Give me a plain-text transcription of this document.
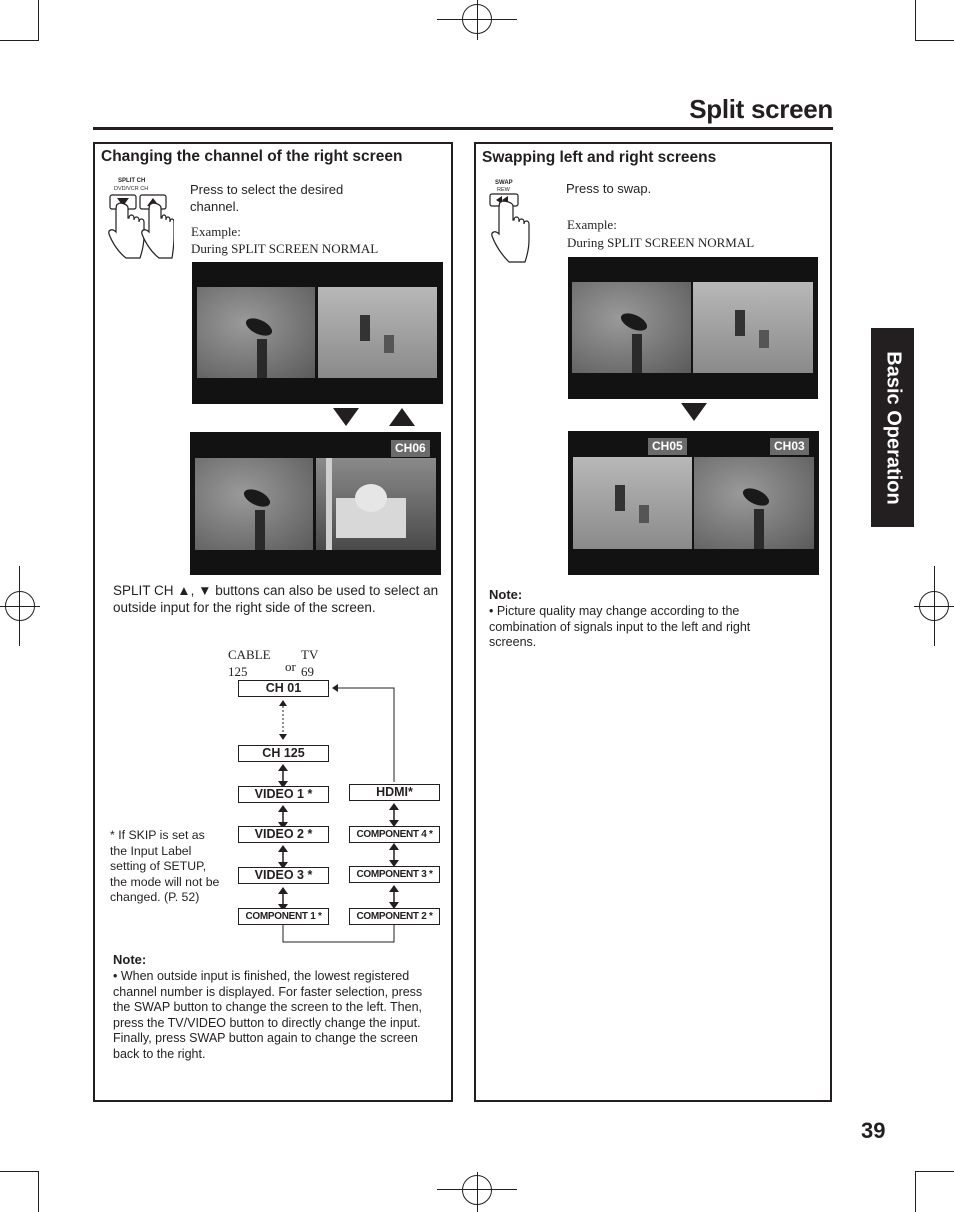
Split screen
Basic Operation
39
Changing the channel of the right screen
SPLIT CH
DVD/VCR CH	Press to select the desired channel.
Example:
During SPLIT SCREEN NORMAL
CH06
SPLIT CH ▲, ▼ buttons can also be used to select an outside input for the right side of the screen.
CABLE
125	or
TV
69
CH 01
CH 125
VIDEO 1 *
VIDEO 2 *
VIDEO 3 *
COMPONENT 1 *
HDMI*
COMPONENT 4 *
COMPONENT 3 *
COMPONENT 2 *
* If SKIP is set as the Input Label setting of SETUP, the mode will not be changed. (P. 52)
Note:
• When outside input is finished, the lowest registered channel number is displayed. For faster selection, press the SWAP button to change the screen to the left. Then, press the TV/VIDEO button to directly change the input. Finally, press SWAP button again to change the screen back to the right.
Swapping left and right screens
SWAP
REW	Press to swap.
Example:
During SPLIT SCREEN NORMAL
CH05	CH03
Note:
• Picture quality may change according to the combination of signals input to the left and right screens.
